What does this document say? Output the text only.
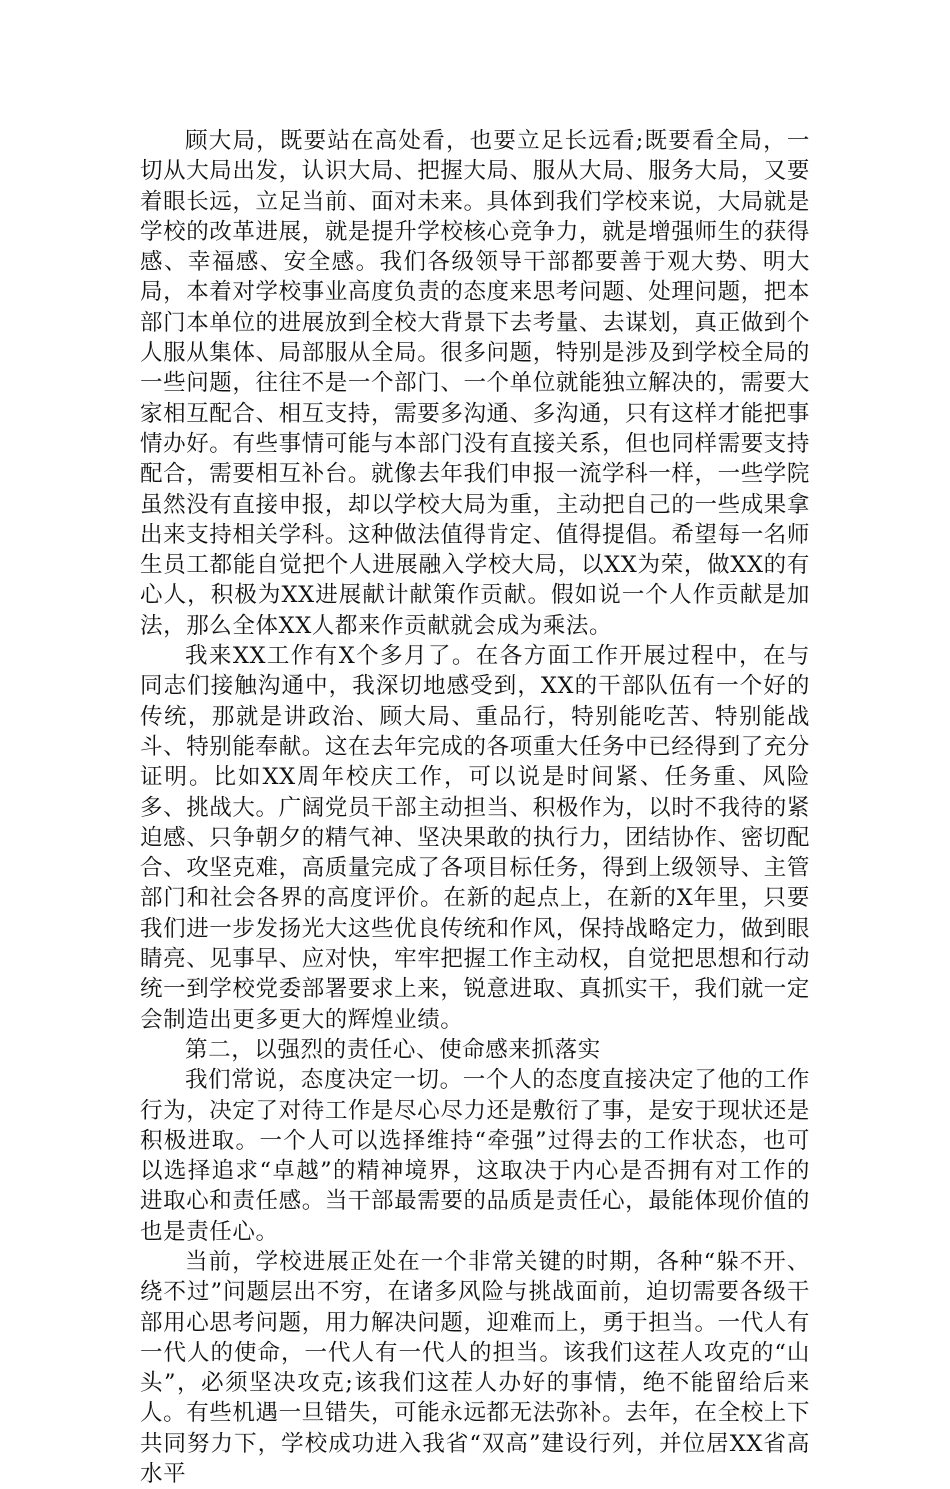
顾大局，既要站在高处看，也要立足长远看;既要看全局，一切从大局出发，认识大局、把握大局、服从大局、服务大局，又要着眼长远，立足当前、面对未来。具体到我们学校来说，大局就是学校的改革进展，就是提升学校核心竞争力，就是增强师生的获得感、幸福感、安全感。我们各级领导干部都要善于观大势、明大局，本着对学校事业高度负责的态度来思考问题、处理问题，把本部门本单位的进展放到全校大背景下去考量、去谋划，真正做到个人服从集体、局部服从全局。很多问题，特别是涉及到学校全局的一些问题，往往不是一个部门、一个单位就能独立解决的，需要大家相互配合、相互支持，需要多沟通、多沟通，只有这样才能把事情办好。有些事情可能与本部门没有直接关系，但也同样需要支持配合，需要相互补台。就像去年我们申报一流学科一样，一些学院虽然没有直接申报，却以学校大局为重，主动把自己的一些成果拿出来支持相关学科。这种做法值得肯定、值得提倡。希望每一名师生员工都能自觉把个人进展融入学校大局，以XX为荣，做XX的有心人，积极为XX进展献计献策作贡献。假如说一个人作贡献是加法，那么全体XX人都来作贡献就会成为乘法。

我来XX工作有X个多月了。在各方面工作开展过程中，在与同志们接触沟通中，我深切地感受到，XX的干部队伍有一个好的传统，那就是讲政治、顾大局、重品行，特别能吃苦、特别能战斗、特别能奉献。这在去年完成的各项重大任务中已经得到了充分证明。比如XX周年校庆工作，可以说是时间紧、任务重、风险多、挑战大。广阔党员干部主动担当、积极作为，以时不我待的紧迫感、只争朝夕的精气神、坚决果敢的执行力，团结协作、密切配合、攻坚克难，高质量完成了各项目标任务，得到上级领导、主管部门和社会各界的高度评价。在新的起点上，在新的X年里，只要我们进一步发扬光大这些优良传统和作风，保持战略定力，做到眼睛亮、见事早、应对快，牢牢把握工作主动权，自觉把思想和行动统一到学校党委部署要求上来，锐意进取、真抓实干，我们就一定会制造出更多更大的辉煌业绩。

第二，以强烈的责任心、使命感来抓落实

我们常说，态度决定一切。一个人的态度直接决定了他的工作行为，决定了对待工作是尽心尽力还是敷衍了事，是安于现状还是积极进取。一个人可以选择维持“牵强”过得去的工作状态，也可以选择追求“卓越”的精神境界，这取决于内心是否拥有对工作的进取心和责任感。当干部最需要的品质是责任心，最能体现价值的也是责任心。

当前，学校进展正处在一个非常关键的时期，各种“躲不开、绕不过”问题层出不穷，在诸多风险与挑战面前，迫切需要各级干部用心思考问题，用力解决问题，迎难而上，勇于担当。一代人有一代人的使命，一代人有一代人的担当。该我们这茬人攻克的“山头”，必须坚决攻克;该我们这茬人办好的事情，绝不能留给后来人。有些机遇一旦错失，可能永远都无法弥补。去年，在全校上下共同努力下，学校成功进入我省“双高”建设行列，并位居XX省高水平
